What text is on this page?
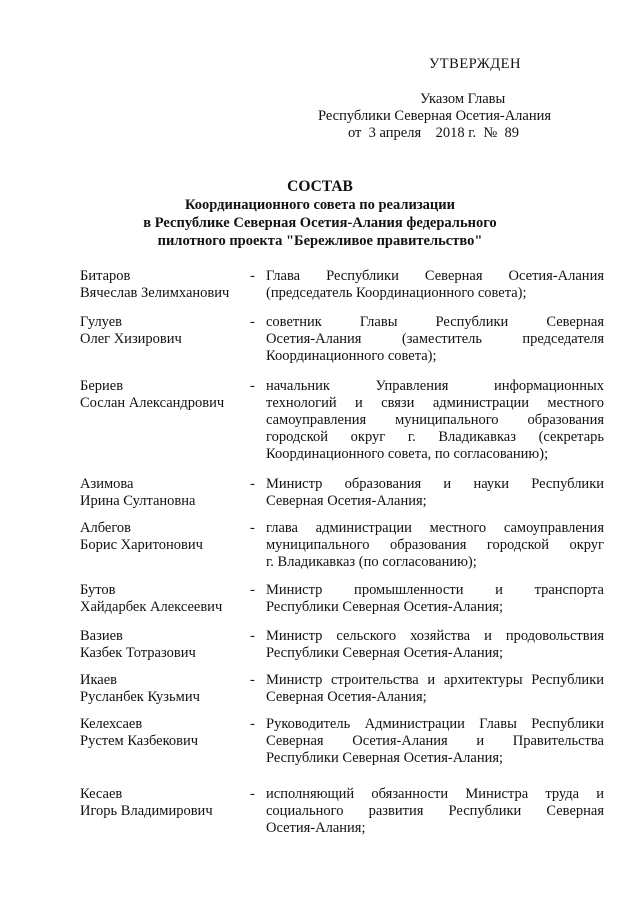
УТВЕРЖДЕН
Указом Главы
Республики Северная Осетия-Алания
от  3 апреля    2018 г.  №  89
СОСТАВ
Координационного совета по реализации
в Республике Северная Осетия-Алания федерального
пилотного проекта "Бережливое правительство"
Битаров
Вячеслав Зелимханович
- Глава Республики Северная Осетия-Алания
(председатель Координационного совета);
Гулуев
Олег Хизирович
- советник Главы Республики Северная
Осетия-Алания (заместитель председателя
Координационного совета);
Бериев
Сослан Александрович
- начальник Управления информационных
технологий и связи администрации местного
самоуправления муниципального образования
городской округ г. Владикавказ (секретарь
Координационного совета, по согласованию);
Азимова
Ирина Султановна
- Министр образования и науки Республики
Северная Осетия-Алания;
Албегов
Борис Харитонович
- глава администрации местного самоуправления
муниципального образования городской округ
г. Владикавказ (по согласованию);
Бутов
Хайдарбек Алексеевич
- Министр промышленности и транспорта
Республики Северная Осетия-Алания;
Вазиев
Казбек Тотразович
- Министр сельского хозяйства и продовольствия
Республики Северная Осетия-Алания;
Икаев
Русланбек Кузьмич
- Министр строительства и архитектуры Республики
Северная Осетия-Алания;
Келехсаев
Рустем Казбекович
- Руководитель Администрации Главы Республики
Северная Осетия-Алания и Правительства
Республики Северная Осетия-Алания;
Кесаев
Игорь Владимирович
- исполняющий обязанности Министра труда и
социального развития Республики Северная
Осетия-Алания;
